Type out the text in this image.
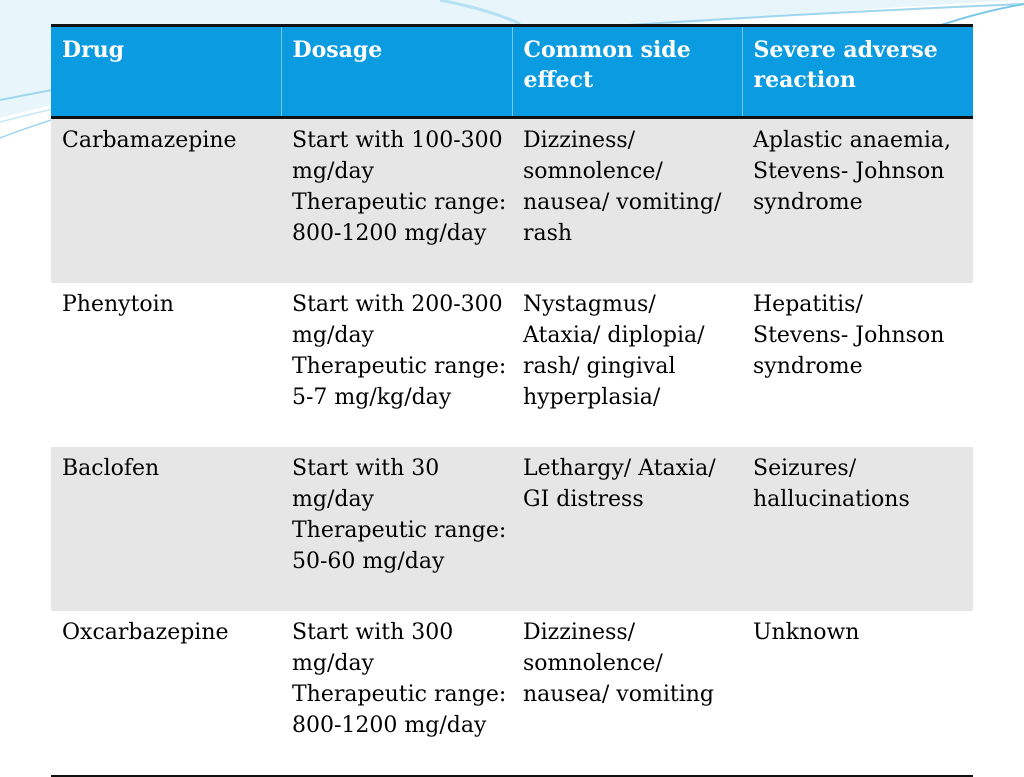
Drug	Dosage	Common side effect	Severe adverse reaction
Carbamazepine	Start with 100-300
mg/day
Therapeutic range:
800-1200 mg/day	Dizziness/
somnolence/
nausea/ vomiting/
rash	Aplastic anaemia,
Stevens- Johnson
syndrome

Phenytoin	Start with 200-300
mg/day
Therapeutic range:
5-7 mg/kg/day	Nystagmus/
Ataxia/ diplopia/
rash/ gingival
hyperplasia/	Hepatitis/
Stevens- Johnson
syndrome

Baclofen	Start with 30
mg/day
Therapeutic range:
50-60 mg/day	Lethargy/ Ataxia/
GI distress	Seizures/
hallucinations

Oxcarbazepine	Start with 300
mg/day
Therapeutic range:
800-1200 mg/day	Dizziness/
somnolence/
nausea/ vomiting	Unknown
